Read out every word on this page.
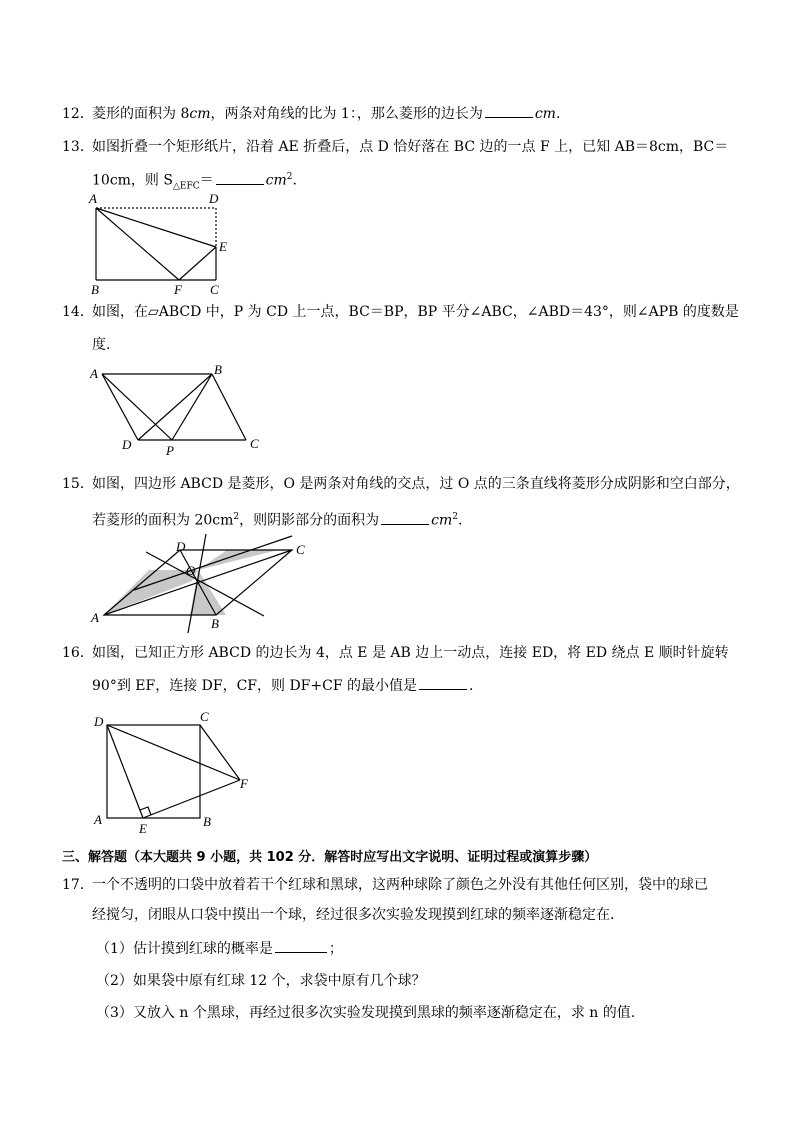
12．
菱形的面积为 8cm，两条对角线的比为 1：，那么菱形的边长为	cm.
13．
如图折叠一个矩形纸片，沿着 AE 折叠后，点 D 恰好落在 BC 边的一点 F 上，已知 AB＝8cm，BC＝
10cm，则 $S_{\triangle EFC}=$	$cm^2$.
A	D
E
B	F C
14．
如图，在▱ABCD 中，P 为 CD 上一点，BC＝BP，BP 平分∠ABC，∠ABD＝43°，则∠APB 的度数是
度.
A	B
D	P	C
15．
如图，四边形 ABCD 是菱形，O 是两条对角线的交点，过 O 点的三条直线将菱形分成阴影和空白部分，
若菱形的面积为 $20cm^2$，则阴影部分的面积为	$cm^2$.
D	C
O
A	B
16．
如图，已知正方形 ABCD 的边长为 4，点 E 是 AB 边上一动点，连接 ED，将 ED 绕点 E 顺时针旋转
90°到 EF，连接 DF，CF，则 DF+CF 的最小值是	.
D	C
F
A
E	B
三、解答题（本大题共 9 小题，共 102 分．解答时应写出文字说明、证明过程或演算步骤）
17．
一个不透明的口袋中放着若干个红球和黑球，这两种球除了颜色之外没有其他任何区别，袋中的球已
经搅匀，闭眼从口袋中摸出一个球，经过很多次实验发现摸到红球的频率逐渐稳定在．
（1）估计摸到红球的概率是	；
（2）如果袋中原有红球 12 个，求袋中原有几个球？
（3）又放入 n 个黑球，再经过很多次实验发现摸到黑球的频率逐渐稳定在，求 n 的值.
